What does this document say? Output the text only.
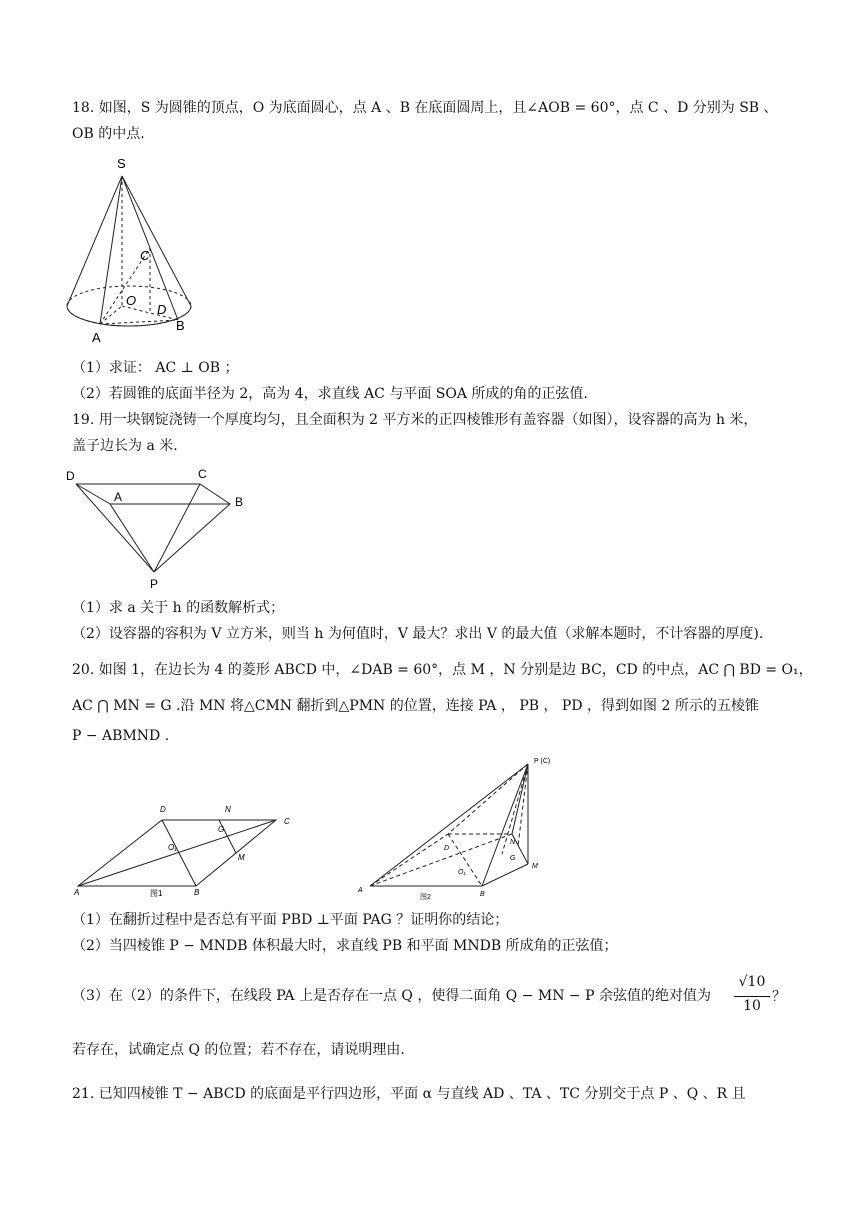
18. 如图，S 为圆锥的顶点，O 为底面圆心，点 A 、B 在底面圆周上，且∠AOB = 60°，点 C 、D 分别为 SB 、
OB 的中点.
S
C
O
D
A
B
（1）求证： AC ⊥ OB ；
（2）若圆锥的底面半径为 2，高为 4，求直线 AC 与平面 SOA 所成的角的正弦值.
19. 用一块钢锭浇铸一个厚度均匀，且全面积为 2 平方米的正四棱锥形有盖容器（如图），设容器的高为 h 米，
盖子边长为 a 米.
D	C
A	B
P
（1）求 a 关于 h 的函数解析式；
（2）设容器的容积为 V 立方米，则当 h 为何值时，V 最大？求出 V 的最大值（求解本题时，不计容器的厚度).
20. 如图 1，在边长为 4 的菱形 ABCD 中，∠DAB = 60°，点 M ，N 分别是边 BC，CD 的中点，AC ⋂ BD = O₁，
AC ⋂ MN = G .沿 MN 将△CMN 翻折到△PMN 的位置，连接 PA ， PB ， PD ，得到如图 2 所示的五棱锥
P − ABMND .
D	N
C
G
O₁
M
A	B
图1
P (C)
D
N
G
O₁
M
A
B
图2
（1）在翻折过程中是否总有平面 PBD ⊥平面 PAG ？证明你的结论；
（2）当四棱锥 P − MNDB 体积最大时，求直线 PB 和平面 MNDB 所成角的正弦值；
（3）在（2）的条件下，在线段 PA 上是否存在一点 Q ，使得二面角 Q − MN − P 余弦值的绝对值为
√10
10
？
若存在，试确定点 Q 的位置；若不存在，请说明理由.
21. 已知四棱锥 T − ABCD 的底面是平行四边形，平面 α 与直线 AD 、TA 、TC 分别交于点 P 、Q 、R 且
